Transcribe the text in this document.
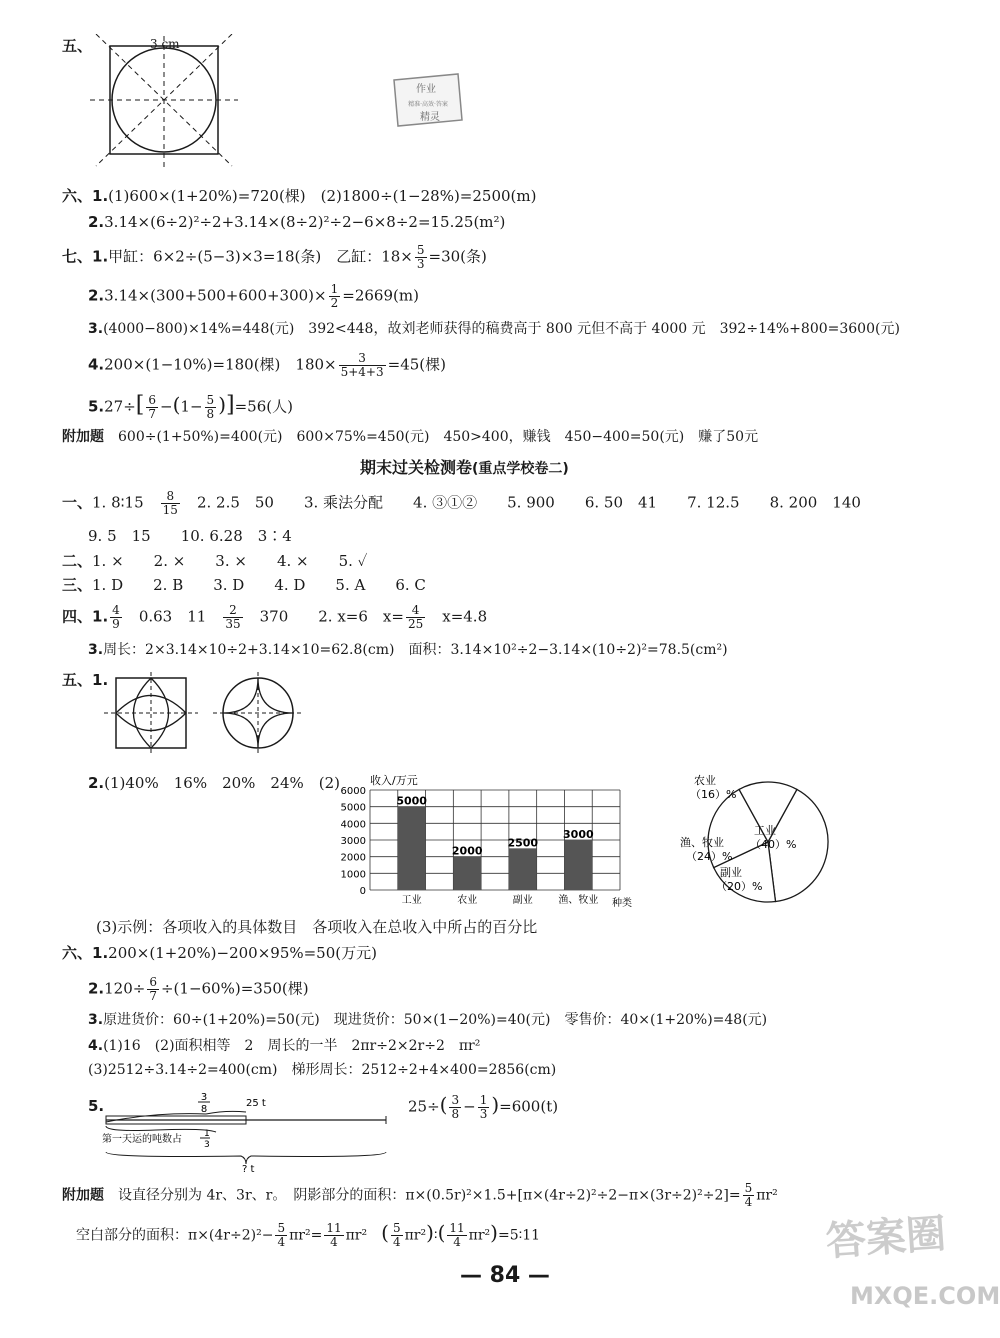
五、	3 cm
作业
精准·高效·答案
精灵
六、1.(1)600×(1+20%)=720(棵)　(2)1800÷(1−28%)=2500(m)
2.3.14×(6÷2)²÷2+3.14×(8÷2)²÷2−6×8÷2=15.25(m²)
七、1.甲缸：6×2÷(5−3)×3=18(条)　乙缸：$18\times \frac{5}{3} =30$(条)
$2.3.14\times(300+500+600+300)\times \frac{1}{2} =2669(m)$
3.(4000−800)×14%=448(元)　392<448，故刘老师获得的稿费高于 800 元但不高于 4000 元　392÷14%+800=3600(元)
4.200×(1−10%)=180(棵)　$180\times \frac{3}{5+4+3} =45$(棵)
$5.27\div[ \frac{6}{7} -(1- \frac{5}{8} )]=56$(人)
附加题　 600÷(1+50%)=400(元)　600×75%=450(元)　450>400，赚钱　450−400=50(元)　赚了50元
期末过关检测卷(重点学校卷二)
一、1. 8∶15　 $\frac{8}{15}$
　 2. 2.5　50　　3. 乘法分配　　4. ③①②　　5. 900　　6. 50　41　　7. 12.5　　8. 200　140
9. 5　15　　10. 6.28　3∶4
二、1. ×　　2. ×　　3. ×　　4. ×　　5. ✓
三、1. D　　2. B　　3. D　　4. D　　5. A　　6. C
四、1. $\frac{4}{9}$
　 0.63　11　 $\frac{2}{35}$
　 370　　2. x=6　$x= \frac{4}{25}$
　 x=4.8
3.周长：2×3.14×10÷2+3.14×10=62.8(cm)　面积：3.14×10²÷2−3.14×(10÷2)²=78.5(cm²)
五、1.
2.(1)40%　16%　20%　24%　(2) 6000
5000
4000
3000
2000
1000
0
5000
2000
2500
3000
工业	农业	副业	渔、牧业
收入/万元
种类
农业
（16）%
工业
（40）%
渔、牧业
（24）%
副业
（20）%
(3)示例：各项收入的具体数目　各项收入在总收入中所占的百分比
六、1.200×(1+20%)−200×95%=50(万元)
$2.120\div \frac{6}{7} \div(1-60\%)=350$(棵)
3.原进货价：60÷(1+20%)=50(元)　现进货价：50×(1−20%)=40(元)　零售价：40×(1+20%)=48(元)
4.(1)16　(2)面积相等　2　周长的一半　2πr÷2×2r÷2　πr²
(3)2512÷3.14÷2=400(cm)　梯形周长：2512÷2+4×400=2856(cm)
5.	3
8
25 t
第一天运的吨数占 1
3
? t
$25\div( \frac{3}{8} - \frac{1}{3} )=600(t)$
附加题　 设直径分别为 4r、3r、r。　阴影部分的面积：$\pi\times(0.5r)^2\times 1.5+[\pi\times(4r\div 2)^2\div 2-\pi\times(3r\div 2)^2\div 2]= \frac{5}{4} \pi r^2$
空白部分的面积：$\pi\times(4r\div 2)^2- \frac{5}{4} \pi r^2= \frac{11}{4} \pi r^2$　 ( $\frac{5}{4}$ πr²)∶( $\frac{11}{4}$ πr²)=5∶11
— 84 —
答案圈
MXQE.COM
